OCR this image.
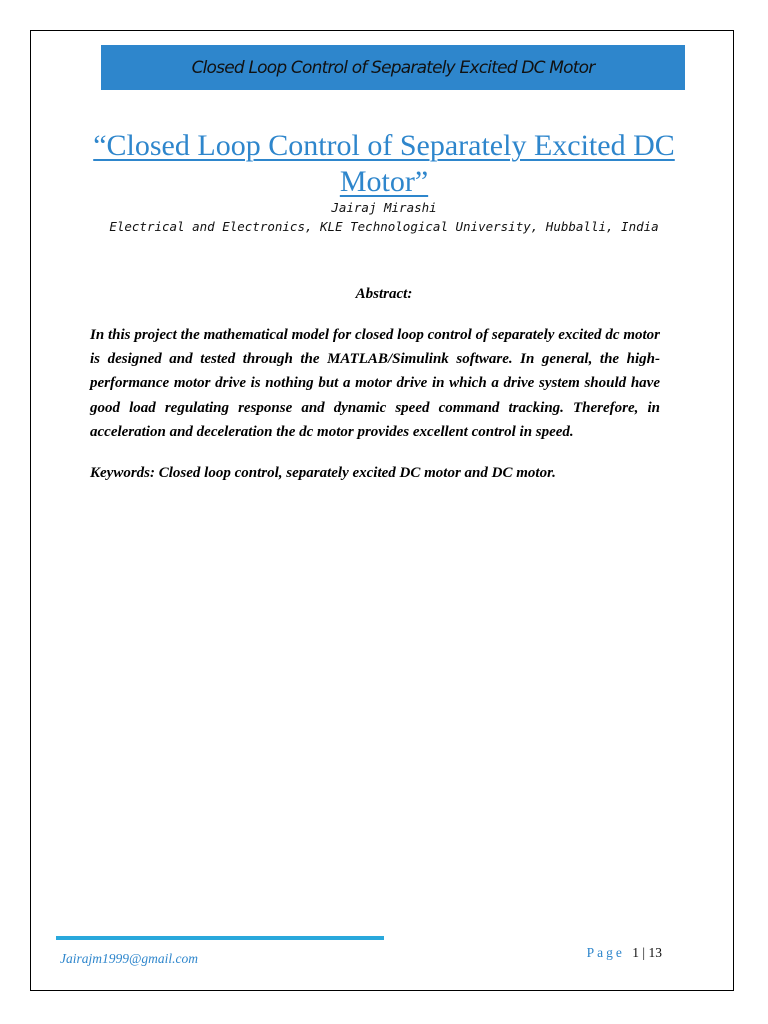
Closed Loop Control of Separately Excited DC Motor
“Closed Loop Control of Separately Excited DC Motor”
Jairaj Mirashi
Electrical and Electronics, KLE Technological University, Hubballi, India
Abstract:

In this project the mathematical model for closed loop control of separately excited dc motor is designed and tested through the MATLAB/Simulink software. In general, the high-performance motor drive is nothing but a motor drive in which a drive system should have good load regulating response and dynamic speed command tracking. Therefore, in acceleration and deceleration the dc motor provides excellent control in speed.

Keywords: Closed loop control, separately excited DC motor and DC motor.
Jairajm1999@gmail.com	Page 1 | 13
